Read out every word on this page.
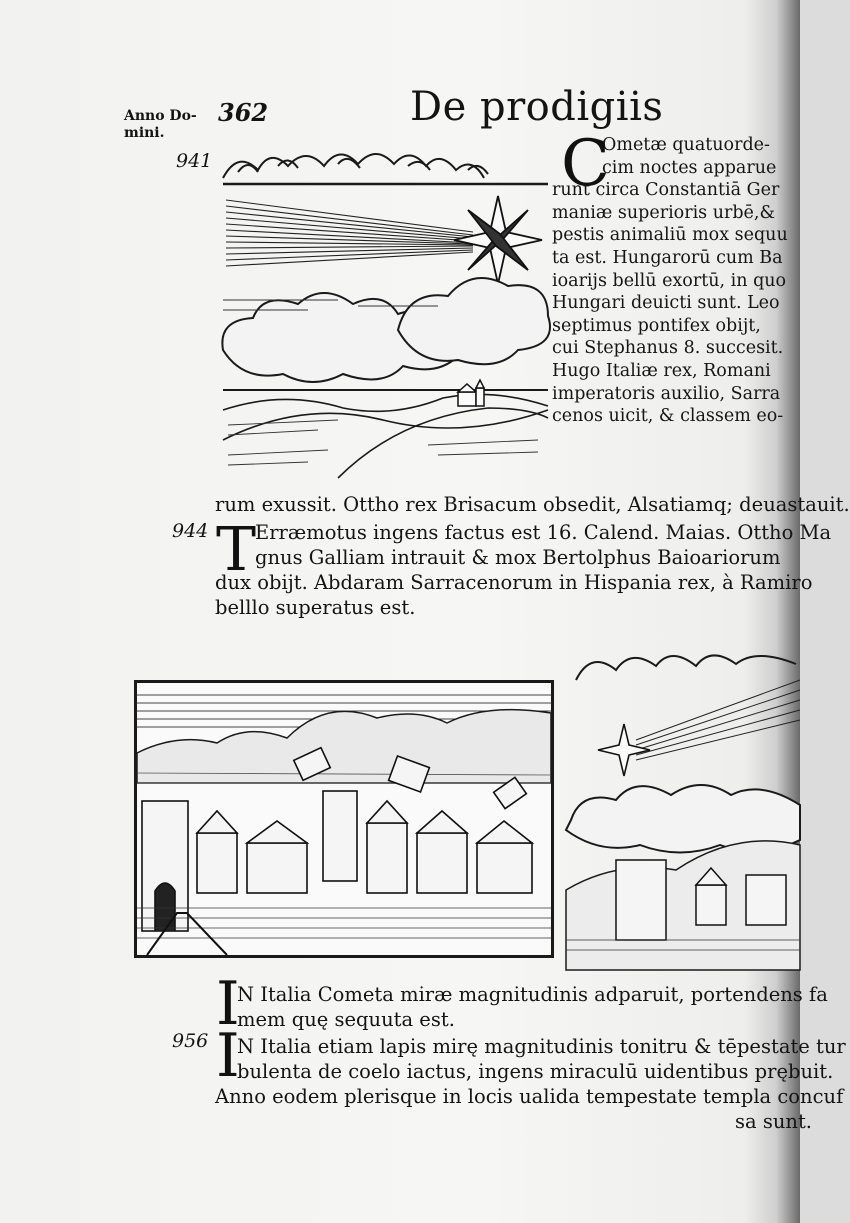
Anno Do-
mini.
362	De prodigiis
941
944
956
C
Ometæ quatuorde-
cim noctes apparue
runt circa Constantiā Ger
maniæ superioris urbē,&
pestis animaliū mox sequu
ta est. Hungarorū cum Ba
ioarijs bellū exortū, in quo
Hungari deuicti sunt. Leo
septimus pontifex obijt,
cui Stephanus 8. succesit.
Hugo Italiæ rex, Romani
imperatoris auxilio, Sarra
cenos uicit, & classem eo-
rum exussit. Ottho rex Brisacum obsedit, Alsatiamq; deuastauit.
T
Erræmotus ingens factus est 16. Calend. Maias. Ottho Ma
gnus Galliam intrauit & mox Bertolphus Baioariorum
dux obijt. Abdaram Sarracenorum in Hispania rex, à Ramiro
belllo superatus est.
I
N Italia Cometa miræ magnitudinis adparuit, portendens fa
mem quę sequuta est.
I
N Italia etiam lapis mirę magnitudinis tonitru & tēpestate tur
bulenta de coelo iactus, ingens miraculū uidentibus prębuit.
Anno eodem plerisque in locis ualida tempestate templa concuf
sa sunt.
